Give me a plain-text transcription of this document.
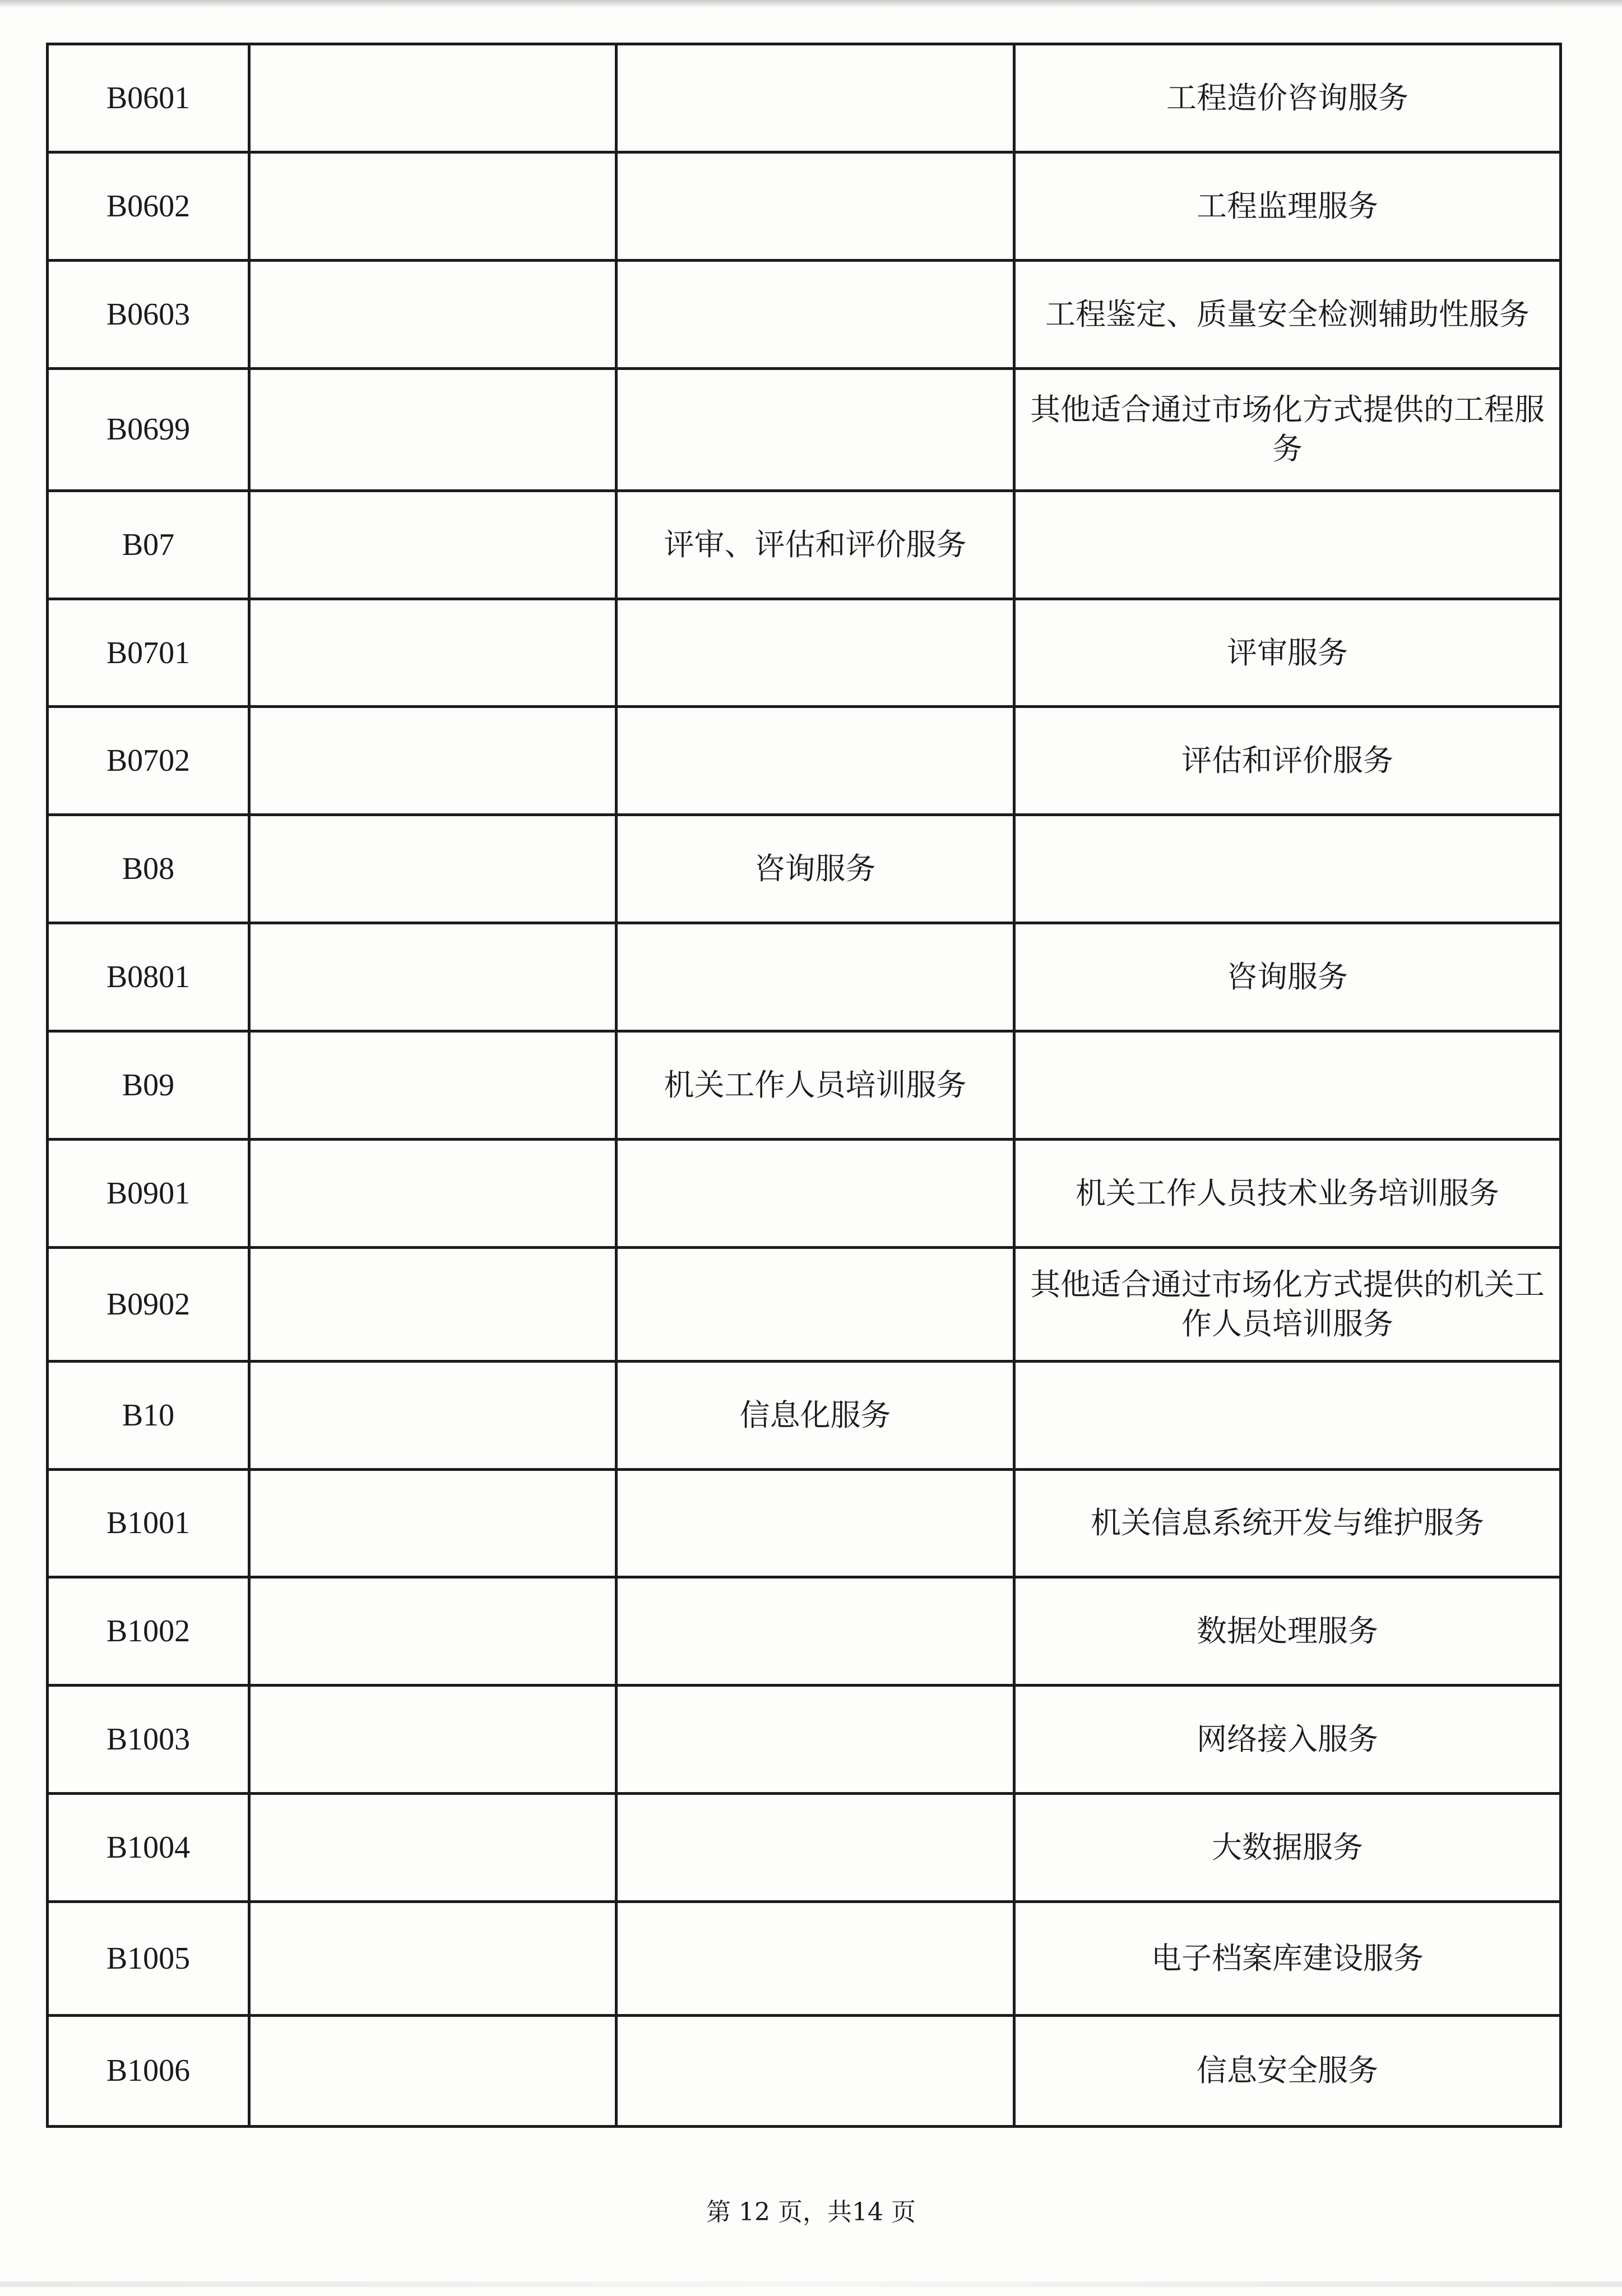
B0601			工程造价咨询服务
B0602			工程监理服务
B0603			工程鉴定、质量安全检测辅助性服务
B0699			其他适合通过市场化方式提供的工程服务
B07		评审、评估和评价服务	
B0701			评审服务
B0702			评估和评价服务
B08		咨询服务	
B0801			咨询服务
B09		机关工作人员培训服务	
B0901			机关工作人员技术业务培训服务
B0902			其他适合通过市场化方式提供的机关工作人员培训服务
B10		信息化服务	
B1001			机关信息系统开发与维护服务
B1002			数据处理服务
B1003			网络接入服务
B1004			大数据服务
B1005			电子档案库建设服务
B1006			信息安全服务
第 12 页，共14 页
